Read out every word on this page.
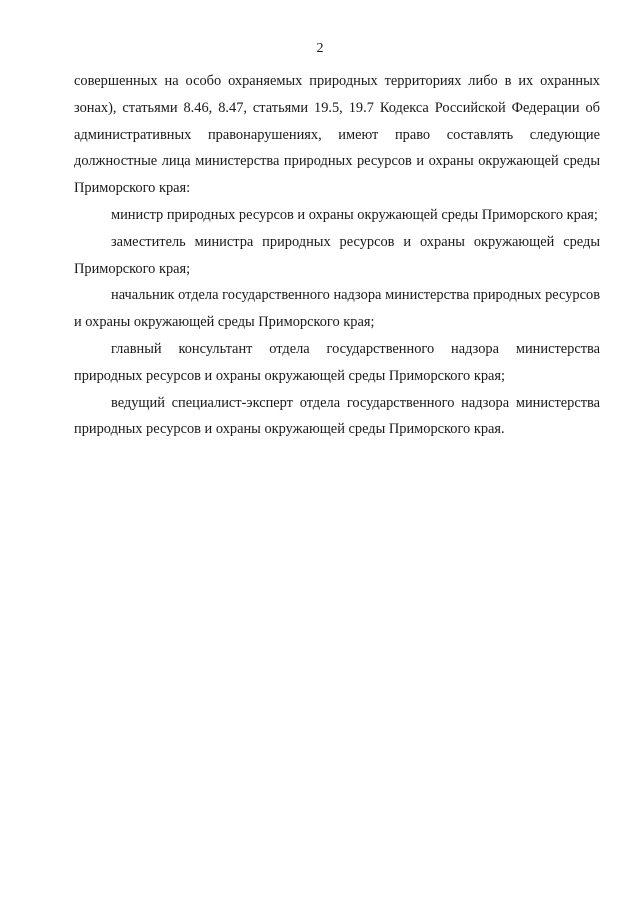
2

совершенных на особо охраняемых природных территориях либо в их охранных зонах), статьями 8.46, 8.47, статьями 19.5, 19.7 Кодекса Российской Федерации об административных правонарушениях, имеют право составлять следующие должностные лица министерства природных ресурсов и охраны окружающей среды Приморского края:

министр природных ресурсов и охраны окружающей среды Приморского края;

заместитель министра природных ресурсов и охраны окружающей среды Приморского края;

начальник отдела государственного надзора министерства природных ресурсов и охраны окружающей среды Приморского края;

главный консультант отдела государственного надзора министерства природных ресурсов и охраны окружающей среды Приморского края;

ведущий специалист-эксперт отдела государственного надзора министерства природных ресурсов и охраны окружающей среды Приморского края.
